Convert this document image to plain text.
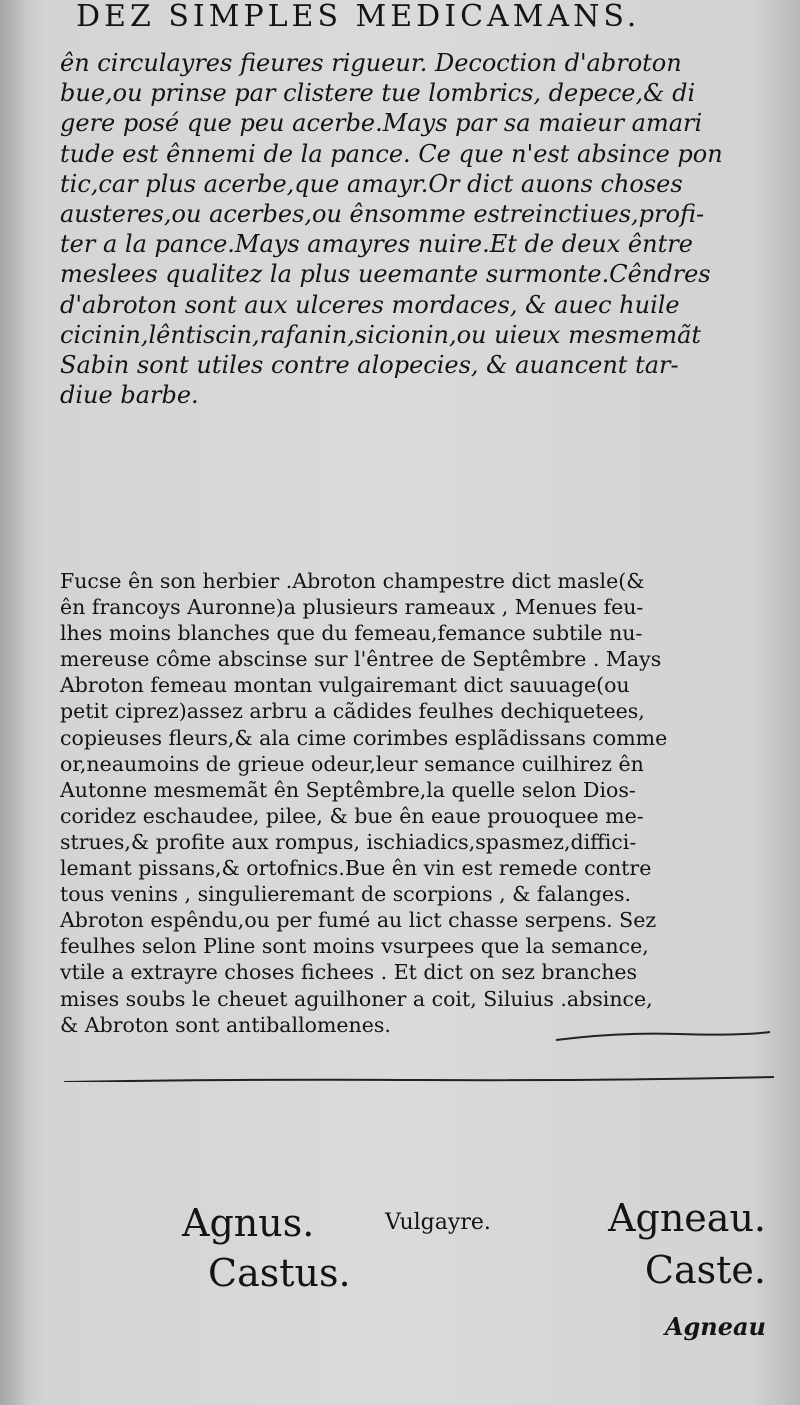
DEZ SIMPLES MEDICAMANS.

ên circulayres fieures rigueur. Decoction d'abroton

bue,ou prinse par clistere tue lombrics, depece,& di

gere posé que peu acerbe.Mays par sa maieur amari

tude est ênnemi de la pance. Ce que n'est absince pon

tic,car plus acerbe,que amayr.Or dict auons choses

austeres,ou acerbes,ou ênsomme estreinctiues,profi-

ter a la pance.Mays amayres nuire.Et de deux êntre

meslees qualitez la plus ueemante surmonte.Cêndres

d'abroton sont aux ulceres mordaces, & auec huile

cicinin,lêntiscin,rafanin,sicionin,ou uieux mesmemãt

Sabin sont utiles contre alopecies, & auancent tar-

diue barbe.

Fucse ên son herbier .Abroton champestre dict masle(&

ên francoys Auronne)a plusieurs rameaux , Menues feu-

lhes moins blanches que du femeau,femance subtile nu-

mereuse côme abscinse sur l'êntree de Septêmbre . Mays

Abroton femeau montan vulgairemant dict sauuage(ou

petit ciprez)assez arbru a cãdides feulhes dechiquetees,

copieuses fleurs,& ala cime corimbes esplãdissans comme

or,neaumoins de grieue odeur,leur semance cuilhirez ên

Autonne mesmemãt ên Septêmbre,la quelle selon Dios-

coridez eschaudee, pilee, & bue ên eaue prouoquee me-

strues,& profite aux rompus, ischiadics,spasmez,diffici-

lemant pissans,& ortofnics.Bue ên vin est remede contre

tous venins , singulieremant de scorpions , & falanges.

Abroton espêndu,ou per fumé au lict chasse serpens. Sez

feulhes selon Pline sont moins vsurpees que la semance,

vtile a extrayre choses fichees . Et dict on sez branches

mises soubs le cheuet aguilhoner a coit, Siluius .absince,

& Abroton sont antiballomenes.

Agnus.
Castus.
Vulgayre.	Agneau.
Caste.
Agneau
